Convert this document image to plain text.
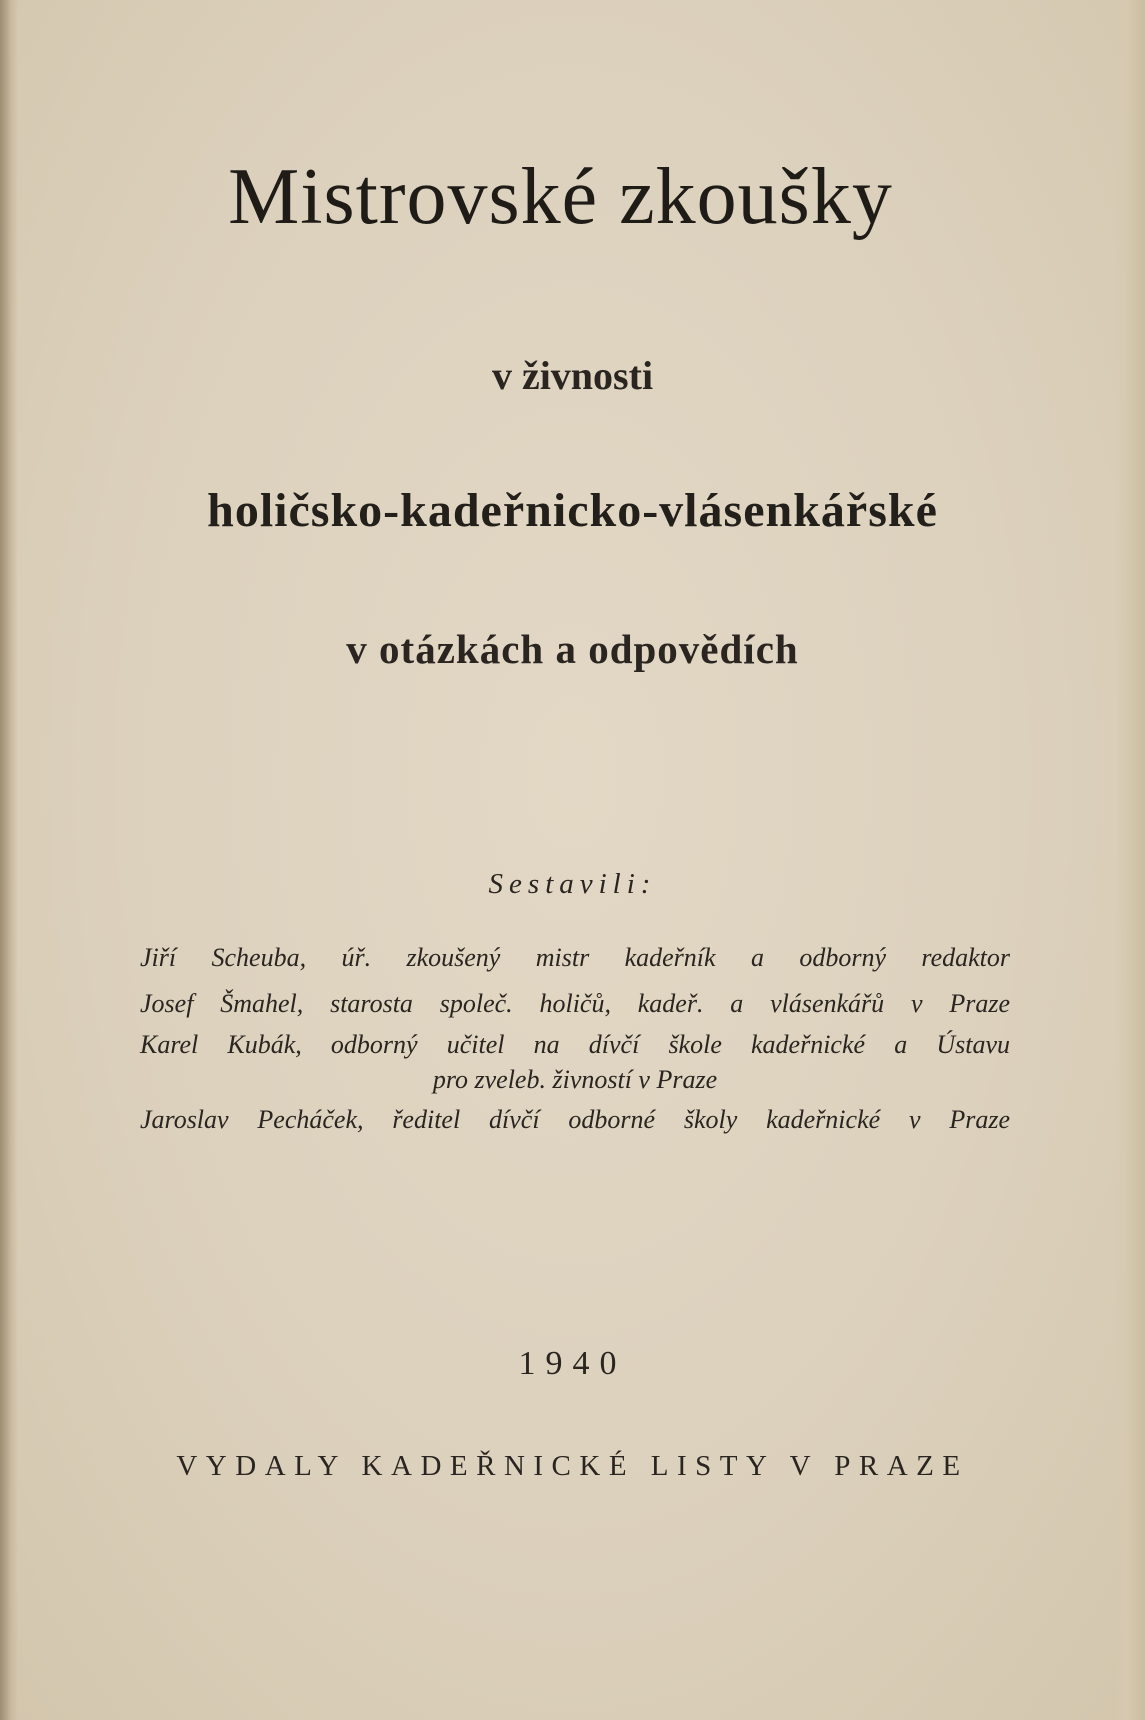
Mistrovské zkoušky
v živnosti
holičsko-kadeřnicko-vlásenkářské
v otázkách a odpovědích
Sestavili:
Jiří Scheuba, úř. zkoušený mistr kadeřník a odborný redaktor
Josef Šmahel, starosta společ. holičů, kadeř. a vlásenkářů v Praze
Karel Kubák, odborný učitel na dívčí škole kadeřnické a Ústavu
pro zveleb. živností v Praze
Jaroslav Pecháček, ředitel dívčí odborné školy kadeřnické v Praze
1940
VYDALY KADEŘNICKÉ LISTY V PRAZE
